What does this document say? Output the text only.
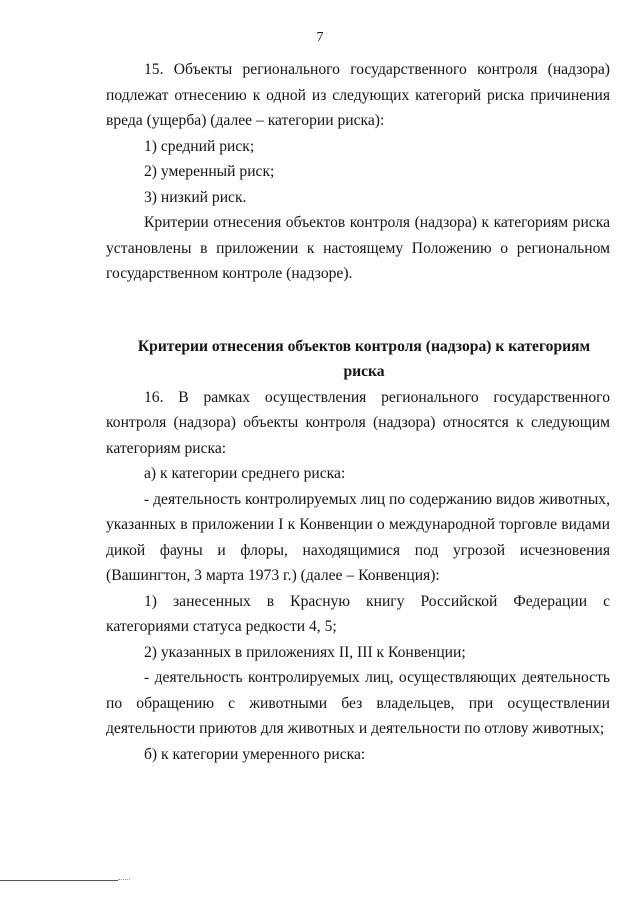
7

15. Объекты регионального государственного контроля (надзора) подлежат отнесению к одной из следующих категорий риска причинения вреда (ущерба) (далее – категории риска):

1) средний риск;

2) умеренный риск;

3) низкий риск.

Критерии отнесения объектов контроля (надзора) к категориям риска установлены в приложении к настоящему Положению о региональном государственном контроле (надзоре).

Критерии отнесения объектов контроля (надзора) к категориям риска

16. В рамках осуществления регионального государственного контроля (надзора) объекты контроля (надзора) относятся к следующим категориям риска:

а) к категории среднего риска:

- деятельность контролируемых лиц по содержанию видов животных, указанных в приложении I к Конвенции о международной торговле видами дикой фауны и флоры, находящимися под угрозой исчезновения (Вашингтон, 3 марта 1973 г.) (далее – Конвенция):

1) занесенных в Красную книгу Российской Федерации с категориями статуса редкости 4, 5;

2) указанных в приложениях II, III к Конвенции;

- деятельность контролируемых лиц, осуществляющих деятельность по обращению с животными без владельцев, при осуществлении деятельности приютов для животных и деятельности по отлову животных;

б) к категории умеренного риска:
